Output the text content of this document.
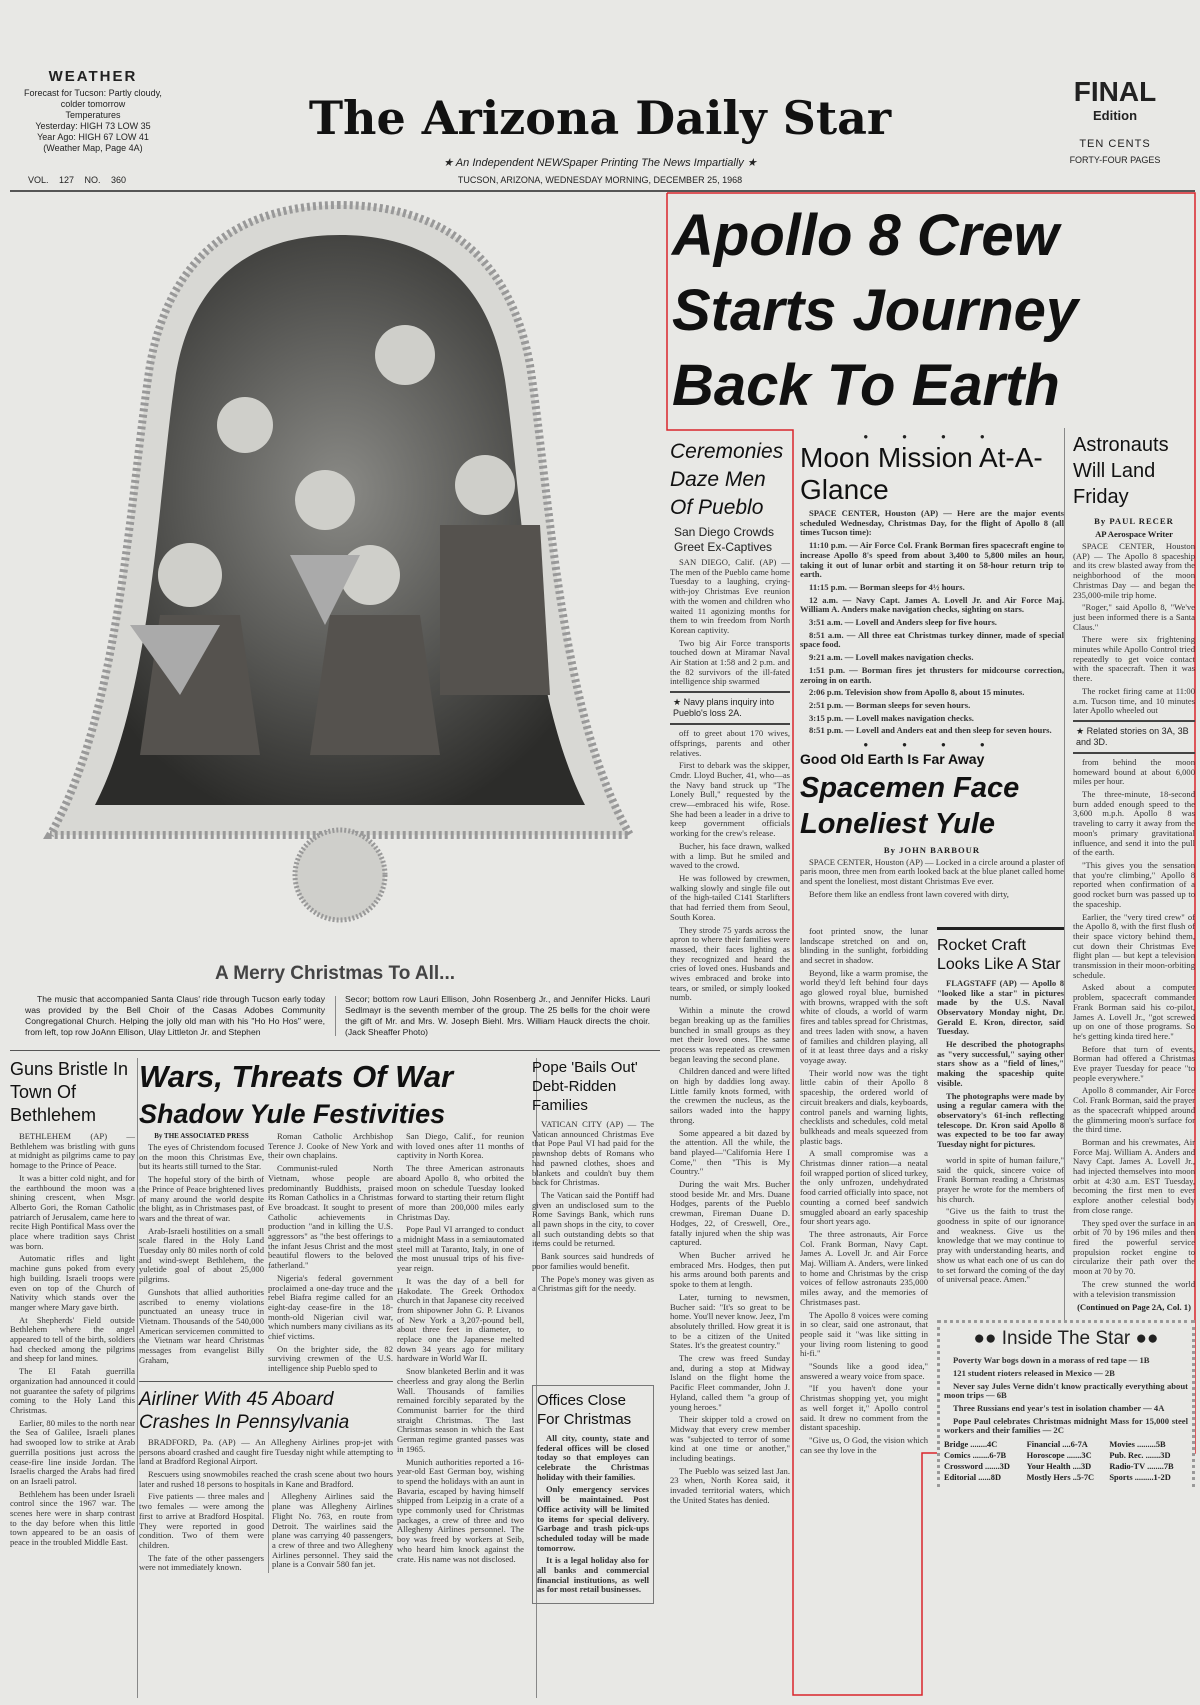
WEATHER
Forecast for Tucson: Partly cloudy, colder tomorrow
Temperatures
Yesterday: HIGH 73 LOW 35
Year Ago: HIGH 67 LOW 41
(Weather Map, Page 4A)
VOL. 127 NO. 360
The Arizona Daily Star
★ An Independent NEWSpaper Printing The News Impartially ★
TUCSON, ARIZONA, WEDNESDAY MORNING, DECEMBER 25, 1968
FINAL
Edition
TEN CENTS
FORTY-FOUR PAGES
A Merry Christmas To All...
The music that accompanied Santa Claus' ride through Tucson early today was provided by the Bell Choir of the Casas Adobes Community Congregational Church. Helping the jolly old man with his "Ho Ho Hos" were, from left, top row JoAnn Ellison, Ulay Littleton Jr. and Stephen
Secor; bottom row Lauri Ellison, John Rosenberg Jr., and Jennifer Hicks. Lauri Sedlmayr is the seventh member of the group. The 25 bells for the choir were the gift of Mr. and Mrs. W. Joseph Biehl. Mrs. William Hauck directs the choir. (Jack Sheaffer Photo)
Apollo 8 Crew
Starts Journey
Back To Earth
Ceremonies Daze Men Of Pueblo
San Diego Crowds Greet Ex-Captives

SAN DIEGO, Calif. (AP) — The men of the Pueblo came home Tuesday to a laughing, crying-with-joy Christmas Eve reunion with the women and children who waited 11 agonizing months for them to win freedom from North Korean captivity.

Two big Air Force transports touched down at Miramar Naval Air Station at 1:58 and 2 p.m. and the 82 survivors of the ill-fated intelligence ship swarmed

★ Navy plans inquiry into Pueblo's loss 2A.

off to greet about 170 wives, offsprings, parents and other relatives.

First to debark was the skipper, Cmdr. Lloyd Bucher, 41, who—as the Navy band struck up "The Lonely Bull," requested by the crew—embraced his wife, Rose. She had been a leader in a drive to keep government officials working for the crew's release.

Bucher, his face drawn, walked with a limp. But he smiled and waved to the crowd.

He was followed by crewmen, walking slowly and single file out of the high-tailed C141 Starlifters that had ferried them from Seoul, South Korea.

They strode 75 yards across the apron to where their families were massed, their faces lighting as they recognized and heard the cries of loved ones. Husbands and wives embraced and broke into tears, or smiled, or simply looked numb.

Within a minute the crowd began breaking up as the families bunched in small groups as they met their loved ones. The same process was repeated as crewmen began leaving the second plane.

Children danced and were lifted on high by daddies long away. Little family knots formed, with the crewmen the nucleus, as the sailors waded into the happy throng.

Some appeared a bit dazed by the attention. All the while, the band played—"California Here I Come," then "This is My Country."

During the wait Mrs. Bucher stood beside Mr. and Mrs. Duane Hodges, parents of the Pueblo crewman, Fireman Duane D. Hodges, 22, of Creswell, Ore., fatally injured when the ship was captured.

When Bucher arrived he embraced Mrs. Hodges, then put his arms around both parents and spoke to them at length.

Later, turning to newsmen, Bucher said: "It's so great to be home. You'll never know. Jeez, I'm absolutely thrilled. How great it is to be a citizen of the United States. It's the greatest country."

The crew was freed Sunday and, during a stop at Midway Island on the flight home the Pacific Fleet commander, John J. Hyland, called them "a group of young heroes."

Their skipper told a crowd on Midway that every crew member was "subjected to terror of some kind at one time or another," including beatings.

The Pueblo was seized last Jan. 23 when, North Korea said, it invaded territorial waters, which the United States has denied.

● ● ● ●
Moon Mission At-A-Glance

SPACE CENTER, Houston (AP) — Here are the major events scheduled Wednesday, Christmas Day, for the flight of Apollo 8 (all times Tucson time):

11:10 p.m. — Air Force Col. Frank Borman fires spacecraft engine to increase Apollo 8's speed from about 3,400 to 5,800 miles an hour, taking it out of lunar orbit and starting it on 58-hour return trip to earth.

11:15 p.m. — Borman sleeps for 4½ hours.

12 a.m. — Navy Capt. James A. Lovell Jr. and Air Force Maj. William A. Anders make navigation checks, sighting on stars.

3:51 a.m. — Lovell and Anders sleep for five hours.

8:51 a.m. — All three eat Christmas turkey dinner, made of special space food.

9:21 a.m. — Lovell makes navigation checks.

1:51 p.m. — Borman fires jet thrusters for midcourse correction, zeroing in on earth.

2:06 p.m. Television show from Apollo 8, about 15 minutes.

2:51 p.m. — Borman sleeps for seven hours.

3:15 p.m. — Lovell makes navigation checks.

8:51 p.m. — Lovell and Anders eat and then sleep for seven hours.

● ● ● ●
Good Old Earth Is Far Away
Spacemen Face Loneliest Yule
By JOHN BARBOUR

SPACE CENTER, Houston (AP) — Locked in a circle around a plaster of paris moon, three men from earth looked back at the blue planet called home and spent the loneliest, most distant Christmas Eve ever.

Before them like an endless front lawn covered with dirty,

foot printed snow, the lunar landscape stretched on and on, blinding in the sunlight, forbidding and secret in shadow.

Beyond, like a warm promise, the world they'd left behind four days ago glowed royal blue, burnished with browns, wrapped with the soft white of clouds, a world of warm fires and tables spread for Christmas, and trees laden with snow, a haven of families and children playing, all of it at least three days and a risky voyage away.

Their world now was the tight little cabin of their Apollo 8 spaceship, the ordered world of circuit breakers and dials, keyboards, control panels and warning lights, checklists and schedules, cold metal bulkheads and meals squeezed from plastic bags.

A small compromise was a Christmas dinner ration—a neatal foil wrapped portion of sliced turkey, the only unfrozen, undehydrated food carried officially into space, not counting a corned beef sandwich smuggled aboard an early spaceship four short years ago.

The three astronauts, Air Force Col. Frank Borman, Navy Capt. James A. Lovell Jr. and Air Force Maj. William A. Anders, were linked to home and Christmas by the crisp voices of fellow astronauts 235,000 miles away, and the memories of Christmases past.

The Apollo 8 voices were coming in so clear, said one astronaut, that people said it "was like sitting in your living room listening to good hi-fi."

"Sounds like a good idea," answered a weary voice from space.

"If you haven't done your Christmas shopping yet, you might as well forget it," Apollo control said. It drew no comment from the distant spaceship.

"Give us, O God, the vision which can see thy love in the

Rocket Craft Looks Like A Star

FLAGSTAFF (AP) — Apollo 8 "looked like a star" in pictures made by the U.S. Naval Observatory Monday night, Dr. Gerald E. Kron, director, said Tuesday.

He described the photographs as "very successful," saying other stars show as a "field of lines," making the spaceship quite visible.

The photographs were made by using a regular camera with the observatory's 61-inch reflecting telescope. Dr. Kron said Apollo 8 was expected to be too far away Tuesday night for pictures.

world in spite of human failure," said the quick, sincere voice of Frank Borman reading a Christmas prayer he wrote for the members of his church.

"Give us the faith to trust the goodness in spite of our ignorance and weakness. Give us the knowledge that we may continue to pray with understanding hearts, and show us what each one of us can do to set forward the coming of the day of universal peace. Amen."

Astronauts Will Land Friday
By PAUL RECER
AP Aerospace Writer

SPACE CENTER, Houston (AP) — The Apollo 8 spaceship and its crew blasted away from the neighborhood of the moon Christmas Day — and began the 235,000-mile trip home.

"Roger," said Apollo 8, "We've just been informed there is a Santa Claus."

There were six frightening minutes while Apollo Control tried repeatedly to get voice contact with the spacecraft. Then it was there.

The rocket firing came at 11:00 a.m. Tucson time, and 10 minutes later Apollo wheeled out

★ Related stories on 3A, 3B and 3D.

from behind the moon homeward bound at about 6,000 miles per hour.

The three-minute, 18-second burn added enough speed to the 3,600 m.p.h. Apollo 8 was traveling to carry it away from the moon's primary gravitational influence, and send it into the pull of the earth.

"This gives you the sensation that you're climbing," Apollo 8 reported when confirmation of a good rocket burn was passed up to the spaceship.

Earlier, the "very tired crew" of the Apollo 8, with the first flush of their space victory behind them, cut down their Christmas Eve flight plan — but kept a television transmission in their moon-orbiting schedule.

Asked about a computer problem, spacecraft commander Frank Borman said his co-pilot, James A. Lovell Jr., "got screwed up on one of those programs. So he's getting kinda tired here."

Before that turn of events, Borman had offered a Christmas Eve prayer Tuesday for peace "to people everywhere."

Apollo 8 commander, Air Force Col. Frank Borman, said the prayer as the spacecraft whipped around the glimmering moon's surface for the third time.

Borman and his crewmates, Air Force Maj. William A. Anders and Navy Capt. James A. Lovell Jr., had injected themselves into moon orbit at 4:30 a.m. EST Tuesday, becoming the first men to ever explore another celestial body from close range.

They sped over the surface in an orbit of 70 by 196 miles and then fired the powerful service propulsion rocket engine to circularize their path over the moon at 70 by 70.

The crew stunned the world with a television transmission

(Continued on Page 2A, Col. 1)
●● Inside The Star ●●

Poverty War bogs down in a morass of red tape — 1B

121 student rioters released in Mexico — 2B

Never say Jules Verne didn't know practically everything about moon trips — 6B

Three Russians end year's test in isolation chamber — 4A

Pope Paul celebrates Christmas midnight Mass for 15,000 steel workers and their families — 2C

Bridge ........4C	Financial ....6-7A	Movies .........5B
Comics ........6-7B	Horoscope .......3C	Pub. Rec. .......3D
Crossword .......3D	Your Health ....3D	Radio-TV ........7B
Editorial ......8D	Mostly Hers ..5-7C	Sports .........1-2D
Guns Bristle In Town Of Bethlehem

BETHLEHEM (AP) — Bethlehem was bristling with guns at midnight as pilgrims came to pay homage to the Prince of Peace.

It was a bitter cold night, and for the earthbound the moon was a shining crescent, when Msgr. Alberto Gori, the Roman Catholic patriarch of Jerusalem, came here to recite High Pontifical Mass over the place where tradition says Christ was born.

Automatic rifles and light machine guns poked from every high building. Israeli troops were even on top of the Church of Nativity which stands over the manger where Mary gave birth.

At Shepherds' Field outside Bethlehem where the angel appeared to tell of the birth, soldiers had checked among the pilgrims and sheep for land mines.

The El Fatah guerrilla organization had announced it could not guarantee the safety of pilgrims coming to the Holy Land this Christmas.

Earlier, 80 miles to the north near the Sea of Galilee, Israeli planes had swooped low to strike at Arab guerrilla positions just across the cease-fire line inside Jordan. The Israelis charged the Arabs had fired on an Israeli patrol.

Bethlehem has been under Israeli control since the 1967 war. The scenes here were in sharp contrast to the day before when this little town appeared to be an oasis of peace in the troubled Middle East.

Wars, Threats Of War
Shadow Yule Festivities
By THE ASSOCIATED PRESS

The eyes of Christendom focused on the moon this Christmas Eve, but its hearts still turned to the Star.

The hopeful story of the birth of the Prince of Peace brightened lives of many around the world despite the blight, as in Christmases past, of wars and the threat of war.

Arab-Israeli hostilities on a small scale flared in the Holy Land Tuesday only 80 miles north of cold and wind-swept Bethlehem, the yuletide goal of about 25,000 pilgrims.

Gunshots that allied authorities ascribed to enemy violations punctuated an uneasy truce in Vietnam. Thousands of the 540,000 American servicemen committed to the Vietnam war heard Christmas messages from evangelist Billy Graham,

Roman Catholic Archbishop Terence J. Cooke of New York and their own chaplains.

Communist-ruled North Vietnam, whose people are predominantly Buddhists, praised its Roman Catholics in a Christmas Eve broadcast. It sought to present Catholic achievements in production "and in killing the U.S. aggressors" as "the best offerings to the infant Jesus Christ and the most beautiful flowers to the beloved fatherland."

Nigeria's federal government proclaimed a one-day truce and the rebel Biafra regime called for an eight-day cease-fire in the 18-month-old Nigerian civil war, which numbers many civilians as its chief victims.

On the brighter side, the 82 surviving crewmen of the U.S. intelligence ship Pueblo sped to

San Diego, Calif., for reunion with loved ones after 11 months of captivity in North Korea.

The three American astronauts aboard Apollo 8, who orbited the moon on schedule Tuesday looked forward to starting their return flight of more than 200,000 miles early Christmas Day.

Pope Paul VI arranged to conduct a midnight Mass in a semiautomated steel mill at Taranto, Italy, in one of the most unusual trips of his five-year reign.

It was the day of a bell for Hakodate. The Greek Orthodox church in that Japanese city received from shipowner John G. P. Livanos of New York a 3,207-pound bell, about three feet in diameter, to replace one the Japanese melted down 34 years ago for military hardware in World War II.

Snow blanketed Berlin and it was cheerless and gray along the Berlin Wall. Thousands of families remained forcibly separated by the Communist barrier for the third straight Christmas. The last Christmas season in which the East German regime granted passes was in 1965.

Munich authorities reported a 16-year-old East German boy, wishing to spend the holidays with an aunt in Bavaria, escaped by having himself shipped from Leipzig in a crate of a type commonly used for Christmas packages, a crew of three and two Allegheny Airlines personnel. The boy was freed by workers at Seib, who heard him knock against the crate. His name was not disclosed.

Airliner With 45 Aboard
Crashes In Pennsylvania

BRADFORD, Pa. (AP) — An Allegheny Airlines prop-jet with persons aboard crashed and caught fire Tuesday night while attempting to land at Bradford Regional Airport.

Rescuers using snowmobiles reached the crash scene about two hours later and rushed 18 persons to hospitals in Kane and Bradford.

Five patients — three males and two females — were among the first to arrive at Bradford Hospital. They were reported in good condition. Two of them were children.

The fate of the other passengers were not immediately known.

Allegheny Airlines said the plane was Allegheny Airlines Flight No. 763, en route from Detroit. The wairlines said the plane was carrying 40 passengers, a crew of three and two Allegheny Airlines personnel. They said the plane is a Convair 580 fan jet.

Pope 'Bails Out' Debt-Ridden Families

VATICAN CITY (AP) — The Vatican announced Christmas Eve that Pope Paul VI had paid for the pawnshop debts of Romans who had pawned clothes, shoes and blankets and couldn't buy them back for Christmas.

The Vatican said the Pontiff had given an undisclosed sum to the Rome Savings Bank, which runs all pawn shops in the city, to cover all such outstanding debts so that items could be returned.

Bank sources said hundreds of poor families would benefit.

The Pope's money was given as a Christmas gift for the needy.

Offices Close For Christmas

All city, county, state and federal offices will be closed today so that employes can celebrate the Christmas holiday with their families.

Only emergency services will be maintained. Post Office activity will be limited to items for special delivery. Garbage and trash pick-ups scheduled today will be made tomorrow.

It is a legal holiday also for all banks and commercial financial institutions, as well as for most retail businesses.
